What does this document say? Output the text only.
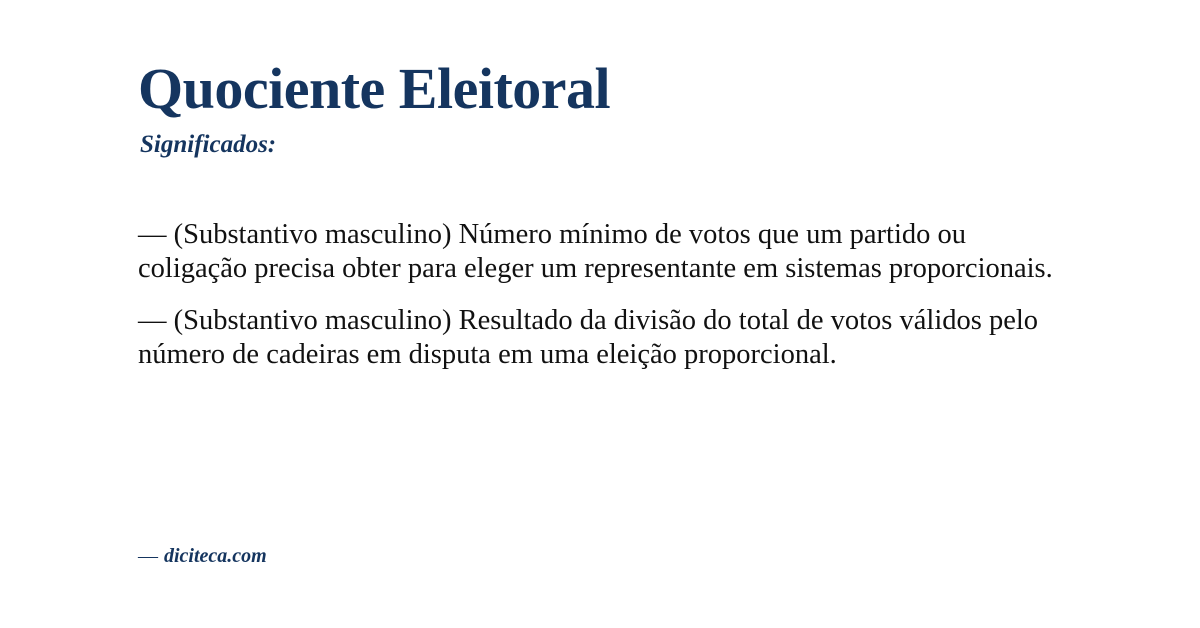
Quociente Eleitoral
Significados:

— (Substantivo masculino) Número mínimo de votos que um partido ou coligação precisa obter para eleger um representante em sistemas proporcionais.

— (Substantivo masculino) Resultado da divisão do total de votos válidos pelo número de cadeiras em disputa em uma eleição proporcional.

— diciteca.com
